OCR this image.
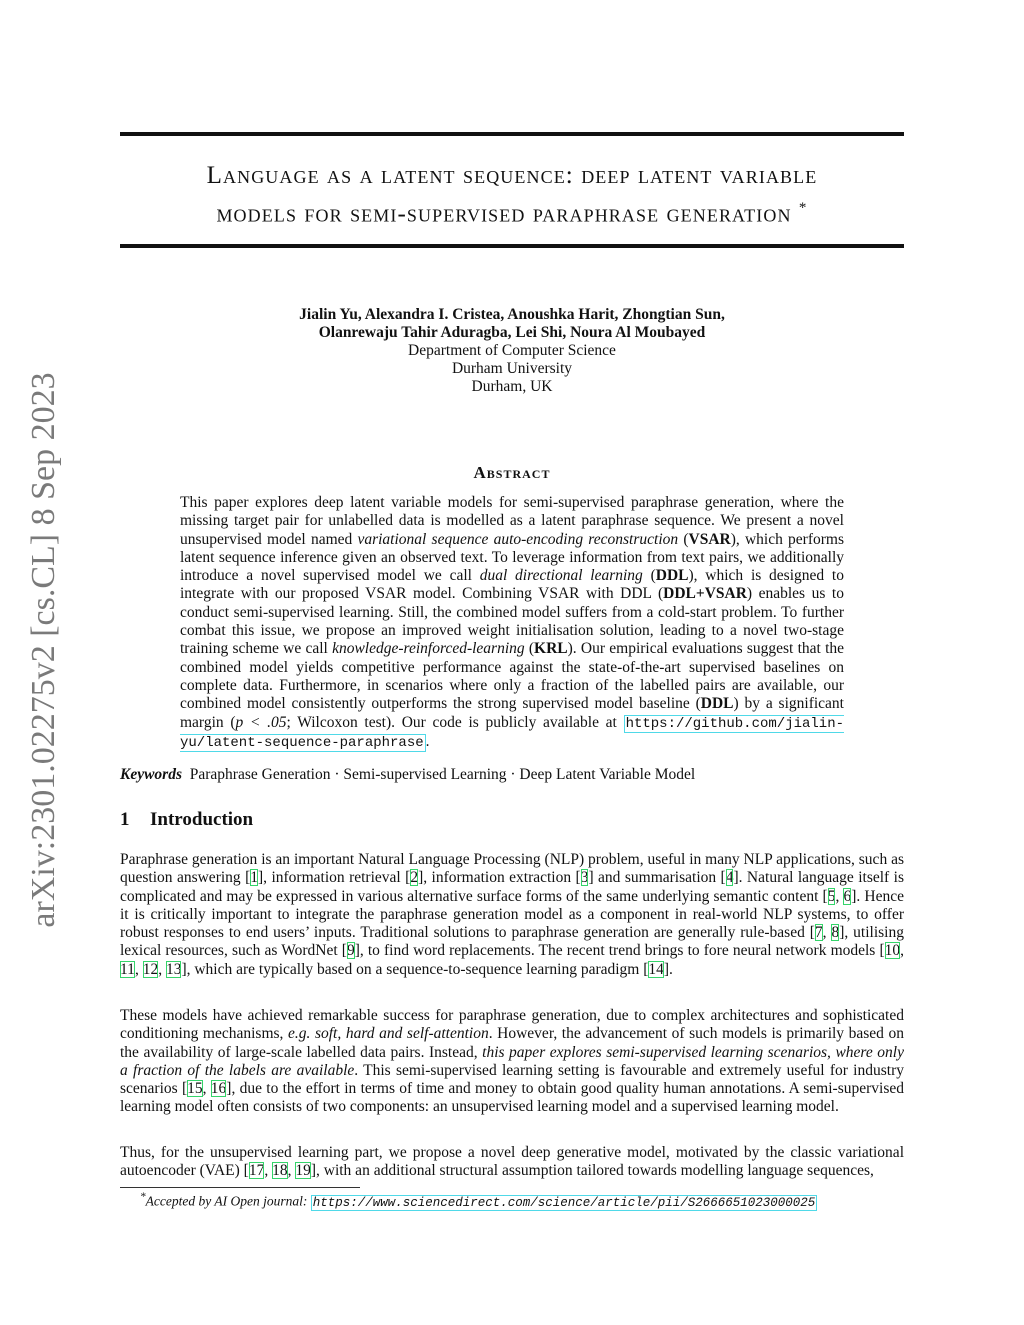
arXiv:2301.02275v2 [cs.CL] 8 Sep 2023
Language as a latent sequence: deep latent variable
models for semi-supervised paraphrase generation *
Jialin Yu, Alexandra I. Cristea, Anoushka Harit, Zhongtian Sun,
Olanrewaju Tahir Aduragba, Lei Shi, Noura Al Moubayed
Department of Computer Science
Durham University
Durham, UK
Abstract
This paper explores deep latent variable models for semi-supervised paraphrase generation, where the missing target pair for unlabelled data is modelled as a latent paraphrase sequence. We present a novel unsupervised model named variational sequence auto-encoding reconstruction (VSAR), which performs latent sequence inference given an observed text. To leverage information from text pairs, we additionally introduce a novel supervised model we call dual directional learning (DDL), which is designed to integrate with our proposed VSAR model. Combining VSAR with DDL (DDL+VSAR) enables us to conduct semi-supervised learning. Still, the combined model suffers from a cold-start problem. To further combat this issue, we propose an improved weight initialisation solution, leading to a novel two-stage training scheme we call knowledge-reinforced-learning (KRL). Our empirical evaluations suggest that the combined model yields competitive performance against the state-of-the-art supervised baselines on complete data. Furthermore, in scenarios where only a fraction of the labelled pairs are available, our combined model consistently outperforms the strong supervised model baseline (DDL) by a significant margin (p < .05; Wilcoxon test). Our code is publicly available at https://github.com/jialin-yu/latent-sequence-paraphrase .
Keywords Paraphrase Generation · Semi-supervised Learning · Deep Latent Variable Model
1 Introduction
Paraphrase generation is an important Natural Language Processing (NLP) problem, useful in many NLP applications, such as question answering [1], information retrieval [2], information extraction [3] and summarisation [4]. Natural language itself is complicated and may be expressed in various alternative surface forms of the same underlying semantic content [5, 6]. Hence it is critically important to integrate the paraphrase generation model as a component in real-world NLP systems, to offer robust responses to end users’ inputs. Traditional solutions to paraphrase generation are generally rule-based [7, 8], utilising lexical resources, such as WordNet [9], to find word replacements. The recent trend brings to fore neural network models [10, 11, 12, 13], which are typically based on a sequence-to-sequence learning paradigm [14].
These models have achieved remarkable success for paraphrase generation, due to complex architectures and sophisticated conditioning mechanisms, e.g. soft, hard and self-attention. However, the advancement of such models is primarily based on the availability of large-scale labelled data pairs. Instead, this paper explores semi-supervised learning scenarios, where only a fraction of the labels are available. This semi-supervised learning setting is favourable and extremely useful for industry scenarios [15, 16], due to the effort in terms of time and money to obtain good quality human annotations. A semi-supervised learning model often consists of two components: an unsupervised learning model and a supervised learning model.
Thus, for the unsupervised learning part, we propose a novel deep generative model, motivated by the classic variational autoencoder (VAE) [17, 18, 19], with an additional structural assumption tailored towards modelling language sequences,
*Accepted by AI Open journal: https://www.sciencedirect.com/science/article/pii/S2666651023000025
